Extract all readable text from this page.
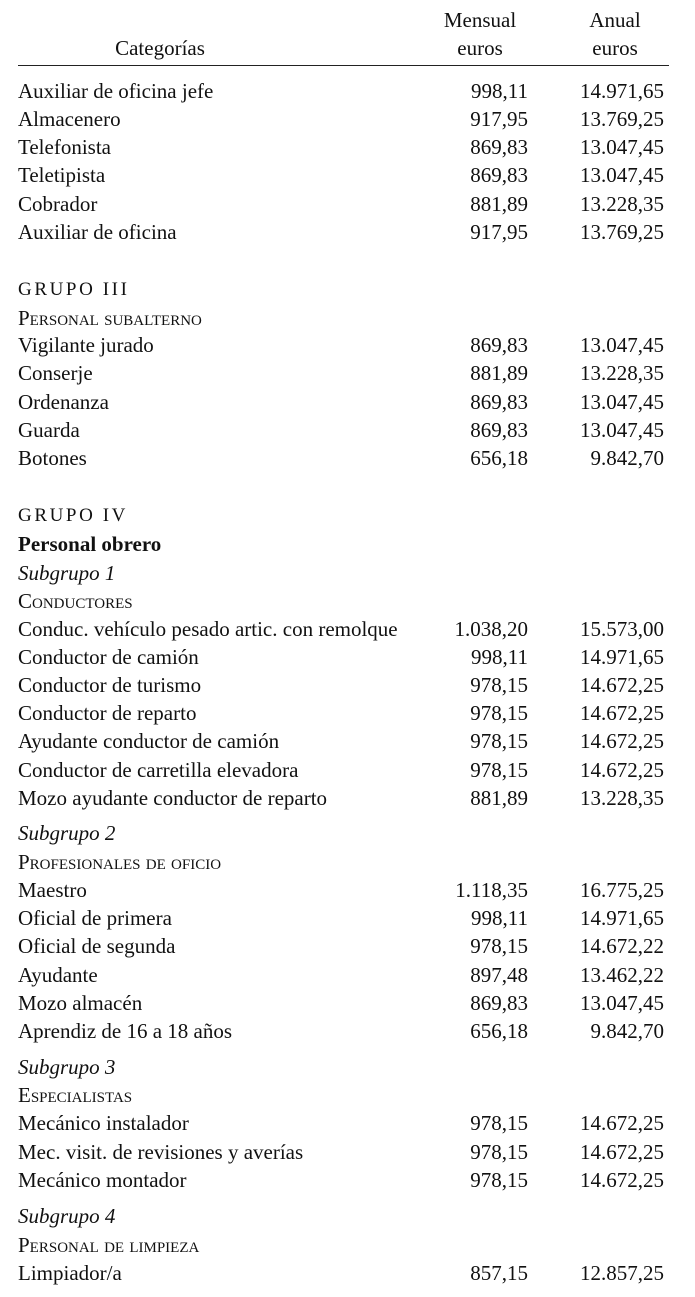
Categorías
Mensual
euros
Anual
euros
Auxiliar de oficina jefe	998,11 14.971,65
Almacenero	917,95 13.769,25
Telefonista	869,83 13.047,45
Teletipista	869,83 13.047,45
Cobrador	881,89 13.228,35
Auxiliar de oficina	917,95 13.769,25
GRUPO III
Personal subalterno
Vigilante jurado	869,83 13.047,45
Conserje	881,89 13.228,35
Ordenanza	869,83 13.047,45
Guarda	869,83 13.047,45
Botones	656,18	9.842,70
GRUPO IV
Personal obrero
Subgrupo 1
Conductores
Conduc. vehículo pesado artic. con remolque	1.038,20 15.573,00
Conductor de camión	998,11 14.971,65
Conductor de turismo	978,15 14.672,25
Conductor de reparto	978,15 14.672,25
Ayudante conductor de camión	978,15 14.672,25
Conductor de carretilla elevadora	978,15 14.672,25
Mozo ayudante conductor de reparto	881,89 13.228,35
Subgrupo 2
Profesionales de oficio
Maestro	1.118,35 16.775,25
Oficial de primera	998,11 14.971,65
Oficial de segunda	978,15 14.672,22
Ayudante	897,48 13.462,22
Mozo almacén	869,83 13.047,45
Aprendiz de 16 a 18 años	656,18	9.842,70
Subgrupo 3
Especialistas
Mecánico instalador	978,15 14.672,25
Mec. visit. de revisiones y averías	978,15 14.672,25
Mecánico montador	978,15 14.672,25
Subgrupo 4
Personal de limpieza
Limpiador/a	857,15 12.857,25
